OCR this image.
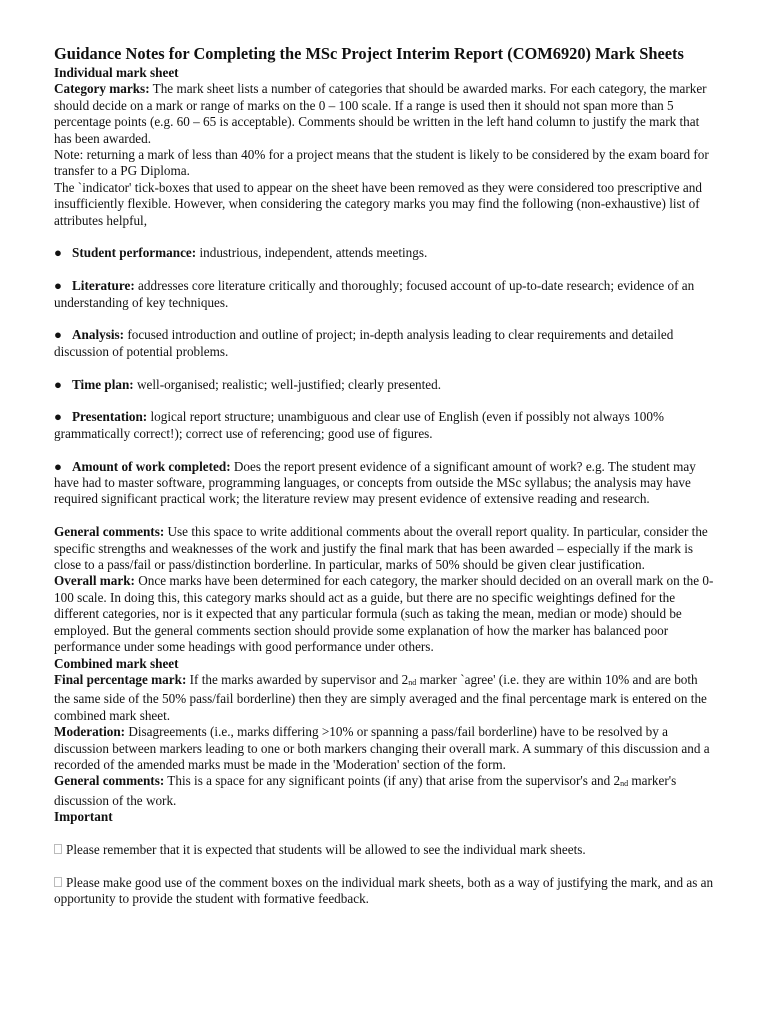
Guidance Notes for Completing the MSc Project Interim Report (COM6920) Mark Sheets

Individual mark sheet

Category marks: The mark sheet lists a number of categories that should be awarded marks. For each category, the marker should decide on a mark or range of marks on the 0 – 100 scale. If a range is used then it should not span more than 5 percentage points (e.g. 60 – 65 is acceptable). Comments should be written in the left hand column to justify the mark that has been awarded.

Note: returning a mark of less than 40% for a project means that the student is likely to be considered by the exam board for transfer to a PG Diploma.

The `indicator' tick-boxes that used to appear on the sheet have been removed as they were considered too prescriptive and insufficiently flexible. However, when considering the category marks you may find the following (non-exhaustive) list of attributes helpful,

● Student performance: industrious, independent, attends meetings.

● Literature: addresses core literature critically and thoroughly; focused account of up-to-date research; evidence of an understanding of key techniques.

● Analysis: focused introduction and outline of project; in-depth analysis leading to clear requirements and detailed discussion of potential problems.

● Time plan: well-organised; realistic; well-justified; clearly presented.

● Presentation: logical report structure; unambiguous and clear use of English (even if possibly not always 100% grammatically correct!); correct use of referencing; good use of figures.

● Amount of work completed: Does the report present evidence of a significant amount of work? e.g. The student may have had to master software, programming languages, or concepts from outside the MSc syllabus; the analysis may have required significant practical work; the literature review may present evidence of extensive reading and research.

General comments: Use this space to write additional comments about the overall report quality. In particular, consider the specific strengths and weaknesses of the work and justify the final mark that has been awarded – especially if the mark is close to a pass/fail or pass/distinction borderline. In particular, marks of 50% should be given clear justification.

Overall mark: Once marks have been determined for each category, the marker should decided on an overall mark on the 0-100 scale. In doing this, this category marks should act as a guide, but there are no specific weightings defined for the different categories, nor is it expected that any particular formula (such as taking the mean, median or mode) should be employed. But the general comments section should provide some explanation of how the marker has balanced poor performance under some headings with good performance under others.

Combined mark sheet

Final percentage mark: If the marks awarded by supervisor and 2nd marker `agree' (i.e. they are within 10% and are both the same side of the 50% pass/fail borderline) then they are simply averaged and the final percentage mark is entered on the combined mark sheet.

Moderation: Disagreements (i.e., marks differing >10% or spanning a pass/fail borderline) have to be resolved by a discussion between markers leading to one or both markers changing their overall mark. A summary of this discussion and a recorded of the amended marks must be made in the 'Moderation' section of the form.

General comments: This is a space for any significant points (if any) that arise from the supervisor's and 2nd marker's discussion of the work.

Important

Please remember that it is expected that students will be allowed to see the individual mark sheets.

Please make good use of the comment boxes on the individual mark sheets, both as a way of justifying the mark, and as an opportunity to provide the student with formative feedback.
